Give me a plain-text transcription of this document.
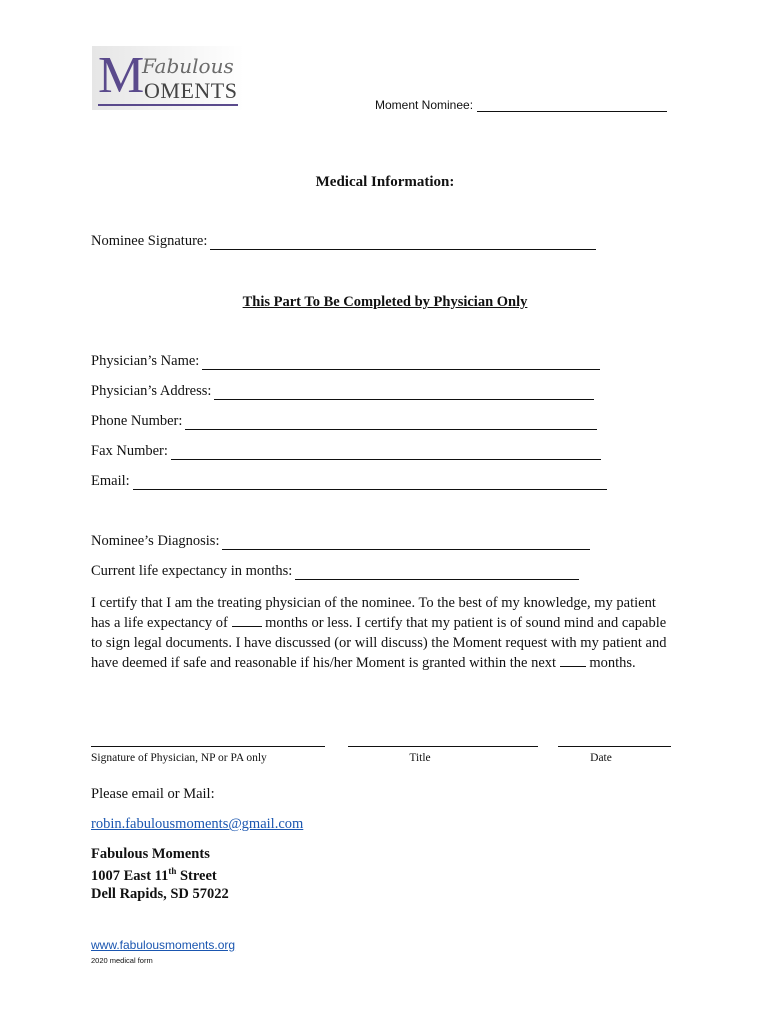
M
Fabulous
OMENTS
Moment Nominee:
Medical Information:
Nominee Signature:
This Part To Be Completed by Physician Only
Physician’s Name:
Physician’s Address:
Phone Number:
Fax Number:
Email:
Nominee’s Diagnosis:
Current life expectancy in months:
I certify that I am the treating physician of the nominee. To the best of my knowledge, my patient has a life expectancy of	months or less. I certify that my patient is of sound mind and capable to sign legal documents. I have discussed (or will discuss) the Moment request with my patient and have deemed if safe and reasonable if his/her Moment is granted within the next months.
Signature of Physician, NP or PA only	Title	Date
Please email or Mail:
robin.fabulousmoments@gmail.com
Fabulous Moments
1007 East 11th Street
Dell Rapids, SD 57022
www.fabulousmoments.org
2020 medical form
